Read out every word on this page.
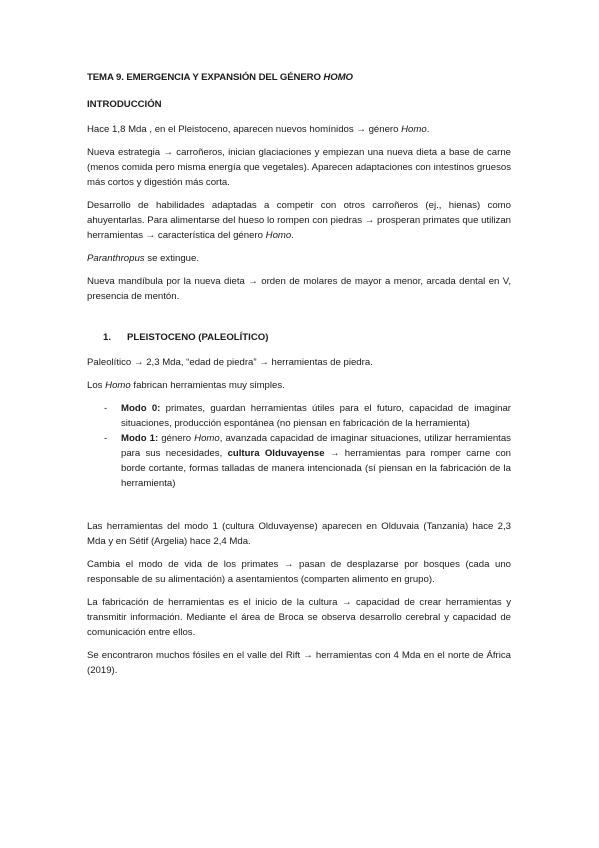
TEMA 9. EMERGENCIA Y EXPANSIÓN DEL GÉNERO HOMO
INTRODUCCIÓN

Hace 1,8 Mda , en el Pleistoceno, aparecen nuevos homínidos → género Homo.

Nueva estrategia → carroñeros, inician glaciaciones y empiezan una nueva dieta a base de carne (menos comida pero misma energía que vegetales). Aparecen adaptaciones con intestinos gruesos más cortos y digestión más corta.

Desarrollo de habilidades adaptadas a competir con otros carroñeros (ej., hienas) como ahuyentarlas. Para alimentarse del hueso lo rompen con piedras → prosperan primates que utilizan herramientas → característica del género Homo.

Paranthropus se extingue.

Nueva mandíbula por la nueva dieta → orden de molares de mayor a menor, arcada dental en V, presencia de mentón.

1. PLEISTOCENO (PALEOLÍTICO)

Paleolítico → 2,3 Mda, “edad de piedra” → herramientas de piedra.

Los Homo fabrican herramientas muy simples.

- Modo 0: primates, guardan herramientas útiles para el futuro, capacidad de imaginar situaciones, producción espontánea (no piensan en fabricación de la herramienta)
- Modo 1: género Homo, avanzada capacidad de imaginar situaciones, utilizar herramientas para sus necesidades, cultura Olduvayense → herramientas para romper carne con borde cortante, formas talladas de manera intencionada (sí piensan en la fabricación de la herramienta)

Las herramientas del modo 1 (cultura Olduvayense) aparecen en Olduvaia (Tanzania) hace 2,3 Mda y en Sétif (Argelia) hace 2,4 Mda.

Cambia el modo de vida de los primates → pasan de desplazarse por bosques (cada uno responsable de su alimentación) a asentamientos (comparten alimento en grupo).

La fabricación de herramientas es el inicio de la cultura → capacidad de crear herramientas y transmitir información. Mediante el área de Broca se observa desarrollo cerebral y capacidad de comunicación entre ellos.

Se encontraron muchos fósiles en el valle del Rift → herramientas con 4 Mda en el norte de África (2019).
